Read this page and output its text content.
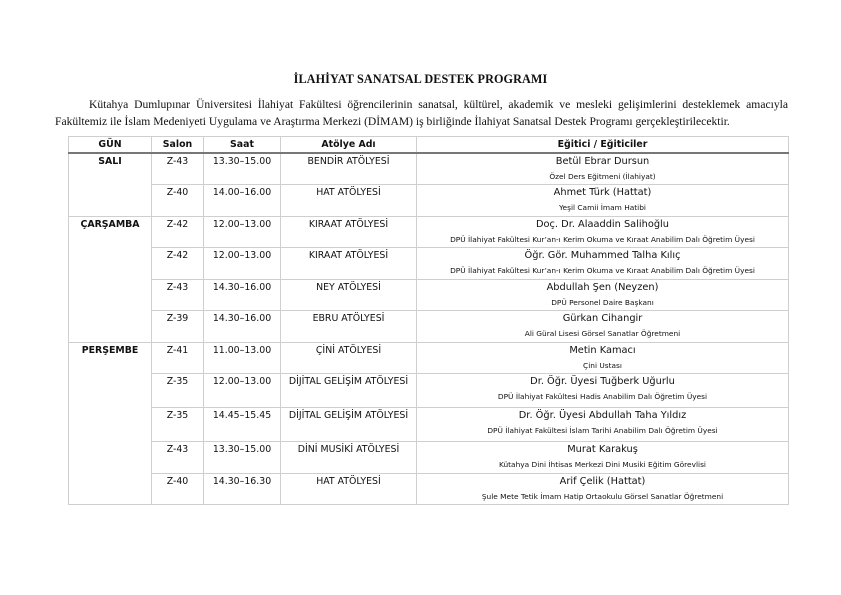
İLAHİYAT SANATSAL DESTEK PROGRAMI
Kütahya Dumlupınar Üniversitesi İlahiyat Fakültesi öğrencilerinin sanatsal, kültürel, akademik ve mesleki gelişimlerini desteklemek amacıyla Fakültemiz ile İslam Medeniyeti Uygulama ve Araştırma Merkezi (DİMAM) iş birliğinde İlahiyat Sanatsal Destek Programı gerçekleştirilecektir.
GÜN	Salon	Saat	Atölye Adı	Eğitici / Eğiticiler
SALI	Z-43	13.30–15.00	BENDİR ATÖLYESİ	Betül Ebrar Dursun
Özel Ders Eğitmeni (İlahiyat)

	Z-40	14.00–16.00	HAT ATÖLYESİ	Ahmet Türk (Hattat)
Yeşil Camii İmam Hatibi

ÇARŞAMBA	Z-42	12.00–13.00	KIRAAT ATÖLYESİ	Doç. Dr. Alaaddin Salihoğlu
DPÜ İlahiyat Fakültesi Kur’an-ı Kerim Okuma ve Kıraat Anabilim Dalı Öğretim Üyesi

	Z-42	12.00–13.00	KIRAAT ATÖLYESİ	Öğr. Gör. Muhammed Talha Kılıç
DPÜ İlahiyat Fakültesi Kur’an-ı Kerim Okuma ve Kıraat Anabilim Dalı Öğretim Üyesi

	Z-43	14.30–16.00	NEY ATÖLYESİ	Abdullah Şen (Neyzen)
DPÜ Personel Daire Başkanı

	Z-39	14.30–16.00	EBRU ATÖLYESİ	Gürkan Cihangir
Ali Güral Lisesi Görsel Sanatlar Öğretmeni

PERŞEMBE	Z-41	11.00–13.00	ÇİNİ ATÖLYESİ	Metin Kamacı
Çini Ustası

	Z-35	12.00–13.00	DİJİTAL GELİŞİM ATÖLYESİ	Dr. Öğr. Üyesi Tuğberk Uğurlu
DPÜ İlahiyat Fakültesi Hadis Anabilim Dalı Öğretim Üyesi

	Z-35	14.45–15.45	DİJİTAL GELİŞİM ATÖLYESİ	Dr. Öğr. Üyesi Abdullah Taha Yıldız
DPÜ İlahiyat Fakültesi İslam Tarihi Anabilim Dalı Öğretim Üyesi

	Z-43	13.30–15.00	DİNİ MUSİKİ ATÖLYESİ	Murat Karakuş
Kütahya Dini İhtisas Merkezi Dini Musiki Eğitim Görevlisi

	Z-40	14.30–16.30	HAT ATÖLYESİ	Arif Çelik (Hattat)
Şule Mete Tetik İmam Hatip Ortaokulu Görsel Sanatlar Öğretmeni
